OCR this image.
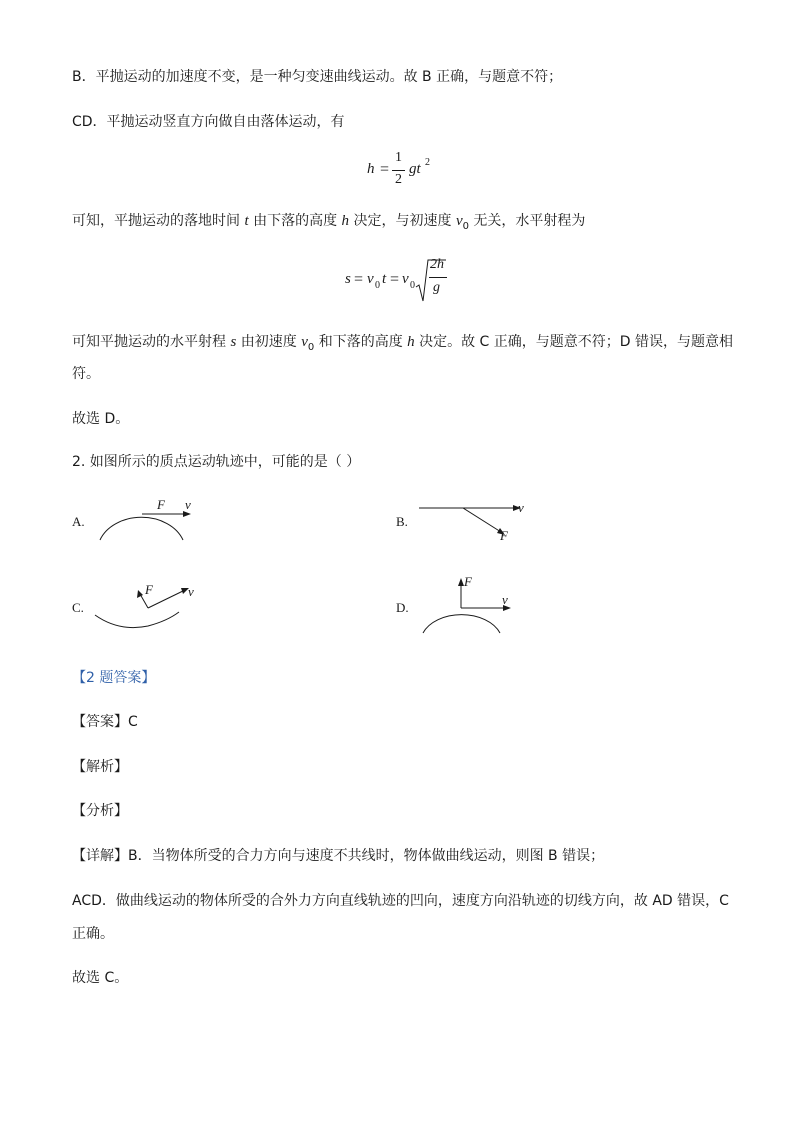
B．平抛运动的加速度不变，是一种匀变速曲线运动。故 B 正确，与题意不符；
CD．平抛运动竖直方向做自由落体运动，有
h =
1
2
gt 2
可知，平抛运动的落地时间 t 由下落的高度 h 决定，与初速度 $v_0$ 无关，水平射程为
s = v 0 t = v 0
2h
g
可知平抛运动的水平射程 s 由初速度 $v_0$ 和下落的高度 h 决定。故 C 正确，与题意不符；D 错误，与题意相
符。
故选 D。
2. 如图所示的质点运动轨迹中，可能的是（ ）
A.
F v
B.
v
F
C.
F	v
D.
F
v
【2 题答案】
【答案】C
【解析】
【分析】
【详解】B．当物体所受的合力方向与速度不共线时，物体做曲线运动，则图 B 错误；
ACD．做曲线运动的物体所受的合外力方向直线轨迹的凹向，速度方向沿轨迹的切线方向，故 AD 错误，C
正确。
故选 C。
